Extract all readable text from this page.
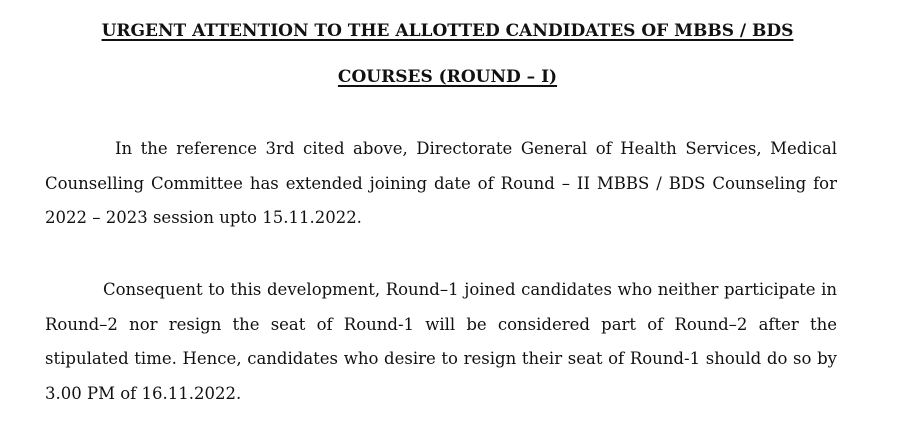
URGENT ATTENTION TO THE ALLOTTED CANDIDATES OF MBBS / BDS
COURSES (ROUND – I)

In the reference 3rd cited above, Directorate General of Health Services, Medical Counselling Committee has extended joining date of Round – II MBBS / BDS Counseling for 2022 – 2023 session upto 15.11.2022.

Consequent to this development, Round–1 joined candidates who neither participate in Round–2 nor resign the seat of Round-1 will be considered part of Round–2 after the stipulated time. Hence, candidates who desire to resign their seat of Round-1 should do so by 3.00 PM of 16.11.2022.
